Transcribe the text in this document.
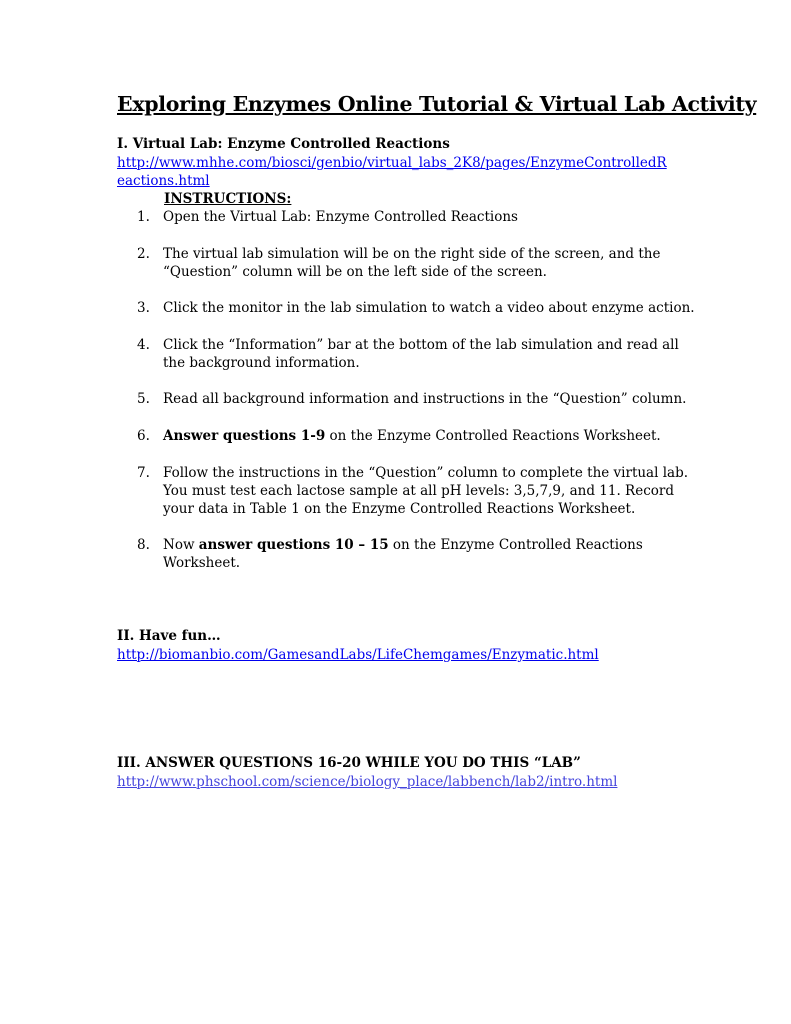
Exploring Enzymes Online Tutorial & Virtual Lab Activity
I. Virtual Lab: Enzyme Controlled Reactions
http://www.mhhe.com/biosci/genbio/virtual_labs_2K8/pages/EnzymeControlledR
eactions.html
INSTRUCTIONS:
1. Open the Virtual Lab: Enzyme Controlled Reactions
2. The virtual lab simulation will be on the right side of the screen, and the “Question” column will be on the left side of the screen.
3. Click the monitor in the lab simulation to watch a video about enzyme action.
4. Click the “Information” bar at the bottom of the lab simulation and read all the background information.
5. Read all background information and instructions in the “Question” column.
6. Answer questions 1-9 on the Enzyme Controlled Reactions Worksheet.
7. Follow the instructions in the “Question” column to complete the virtual lab. You must test each lactose sample at all pH levels: 3,5,7,9, and 11. Record your data in Table 1 on the Enzyme Controlled Reactions Worksheet.
8. Now answer questions 10 – 15 on the Enzyme Controlled Reactions Worksheet.
II. Have fun…
http://biomanbio.com/GamesandLabs/LifeChemgames/Enzymatic.html
III. ANSWER QUESTIONS 16-20 WHILE YOU DO THIS “LAB”
http://www.phschool.com/science/biology_place/labbench/lab2/intro.html
